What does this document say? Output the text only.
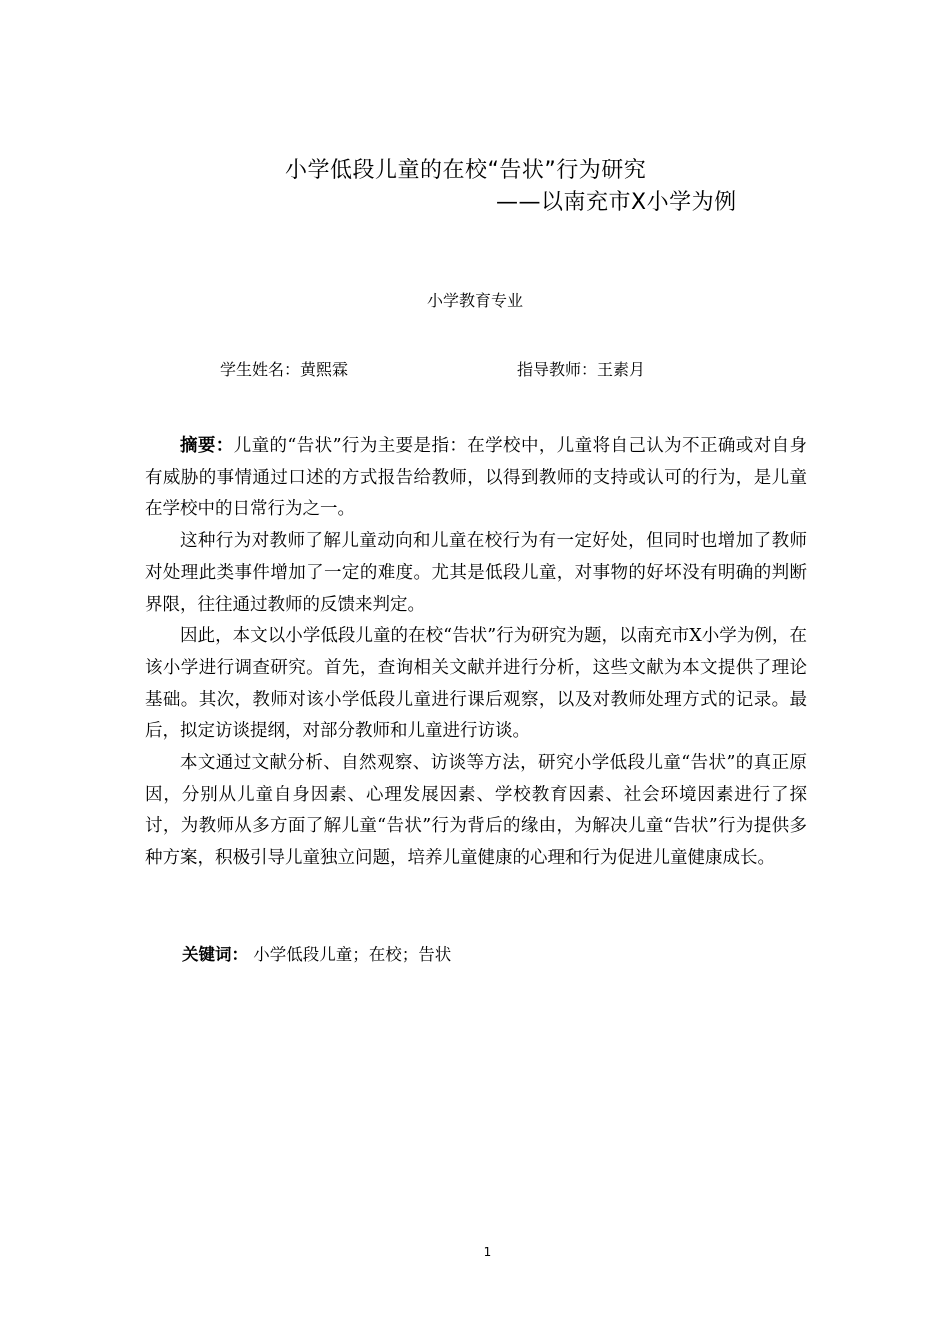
小学低段儿童的在校“告状”行为研究
——以南充市X小学为例
小学教育专业
学生姓名：黄熙霖	指导教师：王素月

摘要：儿童的“告状”行为主要是指：在学校中，儿童将自己认为不正确或对自身有威胁的事情通过口述的方式报告给教师，以得到教师的支持或认可的行为，是儿童在学校中的日常行为之一。

这种行为对教师了解儿童动向和儿童在校行为有一定好处，但同时也增加了教师对处理此类事件增加了一定的难度。尤其是低段儿童，对事物的好坏没有明确的判断界限，往往通过教师的反馈来判定。

因此，本文以小学低段儿童的在校“告状”行为研究为题，以南充市X小学为例，在该小学进行调查研究。首先，查询相关文献并进行分析，这些文献为本文提供了理论基础。其次，教师对该小学低段儿童进行课后观察，以及对教师处理方式的记录。最后，拟定访谈提纲，对部分教师和儿童进行访谈。

本文通过文献分析、自然观察、访谈等方法，研究小学低段儿童“告状”的真正原因，分别从儿童自身因素、心理发展因素、学校教育因素、社会环境因素进行了探讨，为教师从多方面了解儿童“告状”行为背后的缘由，为解决儿童“告状”行为提供多种方案，积极引导儿童独立问题，培养儿童健康的心理和行为促进儿童健康成长。

关键词： 小学低段儿童；在校；告状
1
